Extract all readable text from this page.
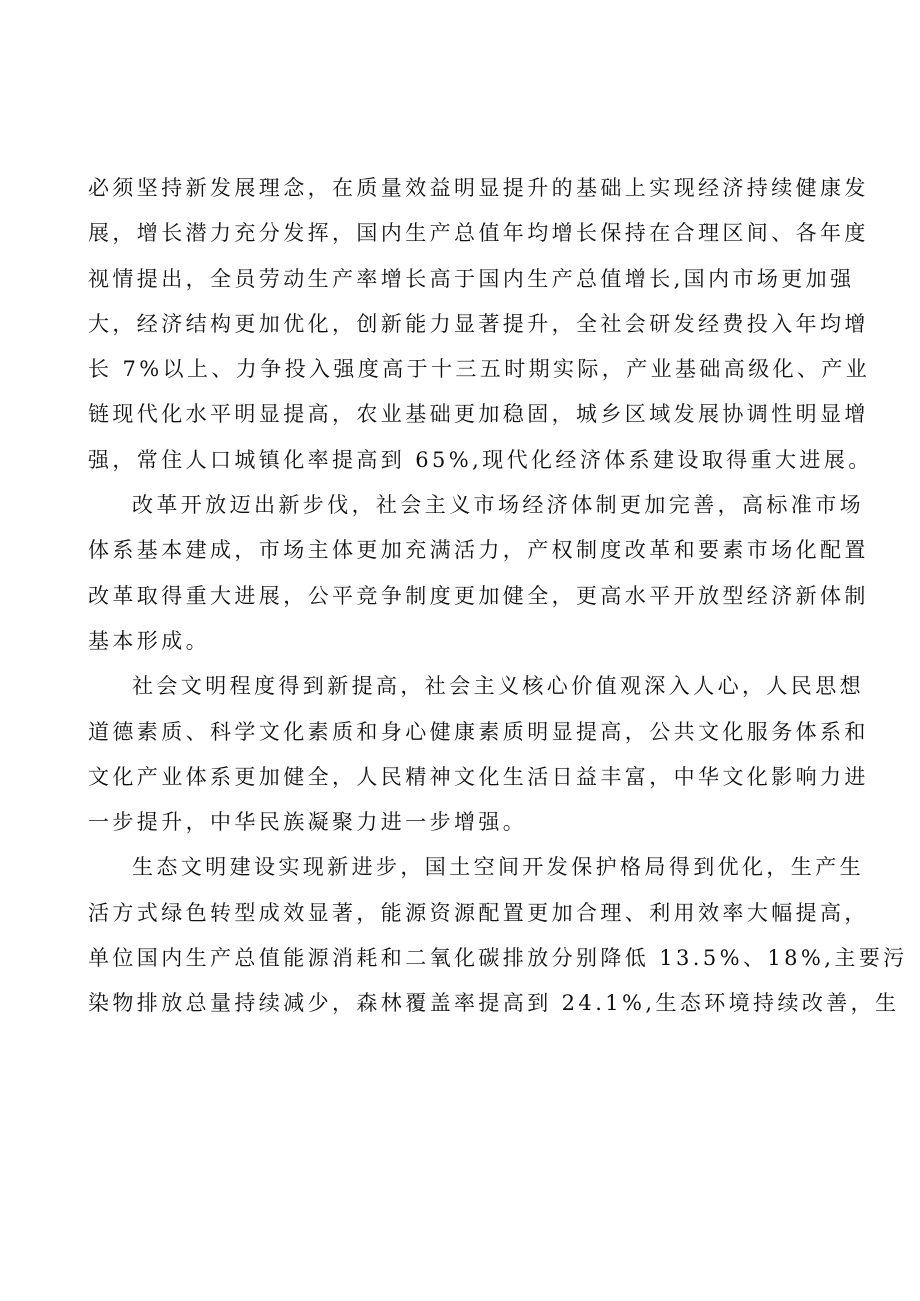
必须坚持新发展理念，在质量效益明显提升的基础上实现经济持续健康发
展，增长潜力充分发挥，国内生产总值年均增长保持在合理区间、各年度
视情提出，全员劳动生产率增长高于国内生产总值增长,国内市场更加强
大，经济结构更加优化，创新能力显著提升，全社会研发经费投入年均增
长 7%以上、力争投入强度高于十三五时期实际，产业基础高级化、产业
链现代化水平明显提高，农业基础更加稳固，城乡区域发展协调性明显增
强，常住人口城镇化率提高到 65%,现代化经济体系建设取得重大进展。
改革开放迈出新步伐，社会主义市场经济体制更加完善，高标准市场
体系基本建成，市场主体更加充满活力，产权制度改革和要素市场化配置
改革取得重大进展，公平竞争制度更加健全，更高水平开放型经济新体制
基本形成。
社会文明程度得到新提高，社会主义核心价值观深入人心，人民思想
道德素质、科学文化素质和身心健康素质明显提高，公共文化服务体系和
文化产业体系更加健全，人民精神文化生活日益丰富，中华文化影响力进
一步提升，中华民族凝聚力进一步增强。
生态文明建设实现新进步，国土空间开发保护格局得到优化，生产生
活方式绿色转型成效显著，能源资源配置更加合理、利用效率大幅提高，
单位国内生产总值能源消耗和二氧化碳排放分别降低 13.5%、18%,主要污
染物排放总量持续减少，森林覆盖率提高到 24.1%,生态环境持续改善，生
